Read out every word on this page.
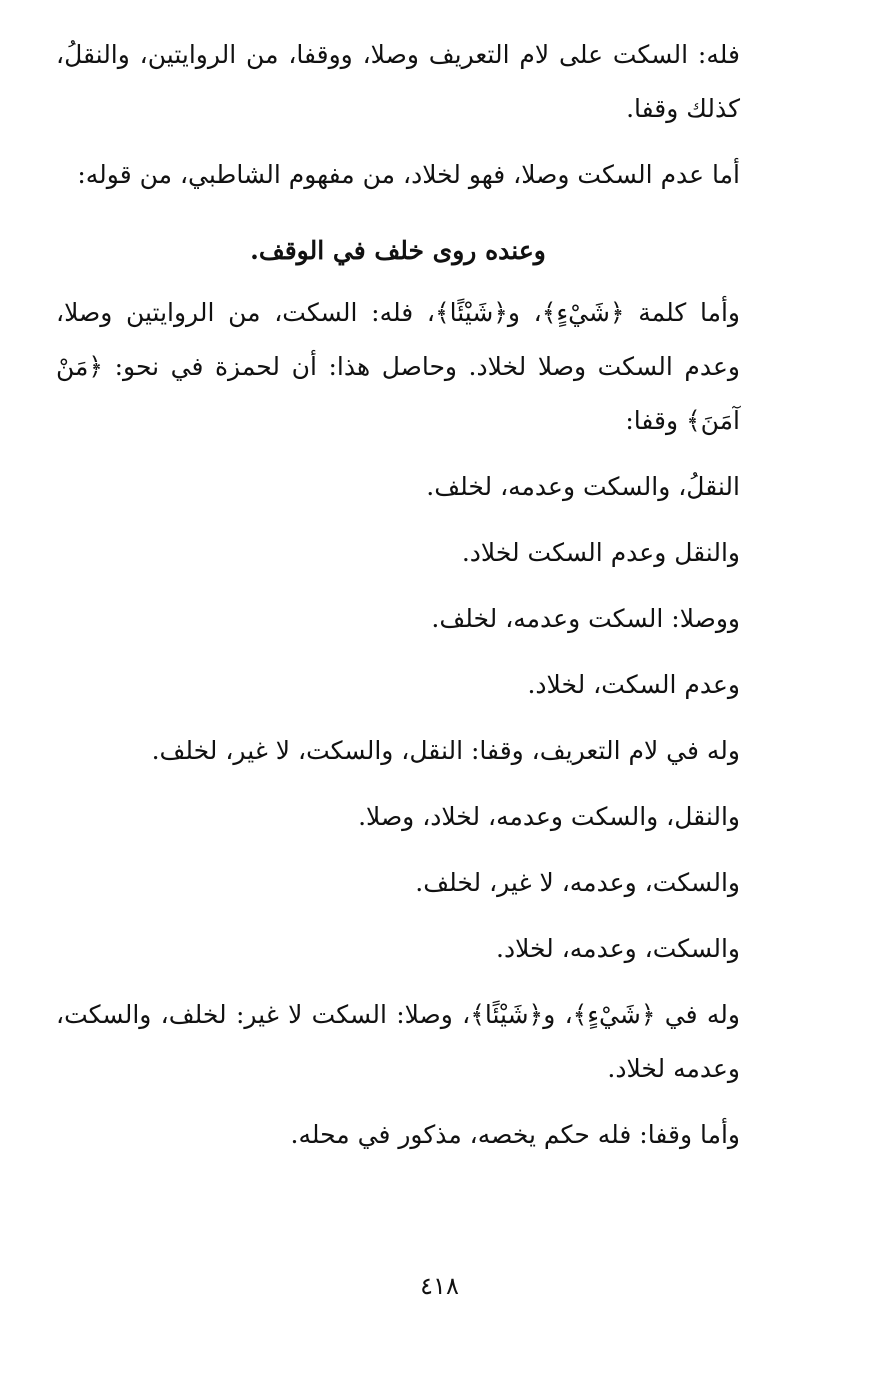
فله: السكت على لام التعريف وصلا، ووقفا، من الروايتين، والنقلُ، كذلك وقفا.

أما عدم السكت وصلا، فهو لخلاد، من مفهوم الشاطبي، من قوله:

وعنده روى خلف في الوقف.

وأما كلمة ﴿شَيْءٍ﴾، و﴿شَيْئًا﴾، فله: السكت، من الروايتين وصلا، وعدم السكت وصلا لخلاد. وحاصل هذا: أن لحمزة في نحو: ﴿مَنْ آمَنَ﴾ وقفا:

النقلُ، والسكت وعدمه، لخلف.

والنقل وعدم السكت لخلاد.

ووصلا: السكت وعدمه، لخلف.

وعدم السكت، لخلاد.

وله في لام التعريف، وقفا: النقل، والسكت، لا غير، لخلف.

والنقل، والسكت وعدمه، لخلاد، وصلا.

والسكت، وعدمه، لا غير، لخلف.

والسكت، وعدمه، لخلاد.

وله في ﴿شَيْءٍ﴾، و﴿شَيْئًا﴾، وصلا: السكت لا غير: لخلف، والسكت، وعدمه لخلاد.

وأما وقفا: فله حكم يخصه، مذكور في محله.

٤١٨
